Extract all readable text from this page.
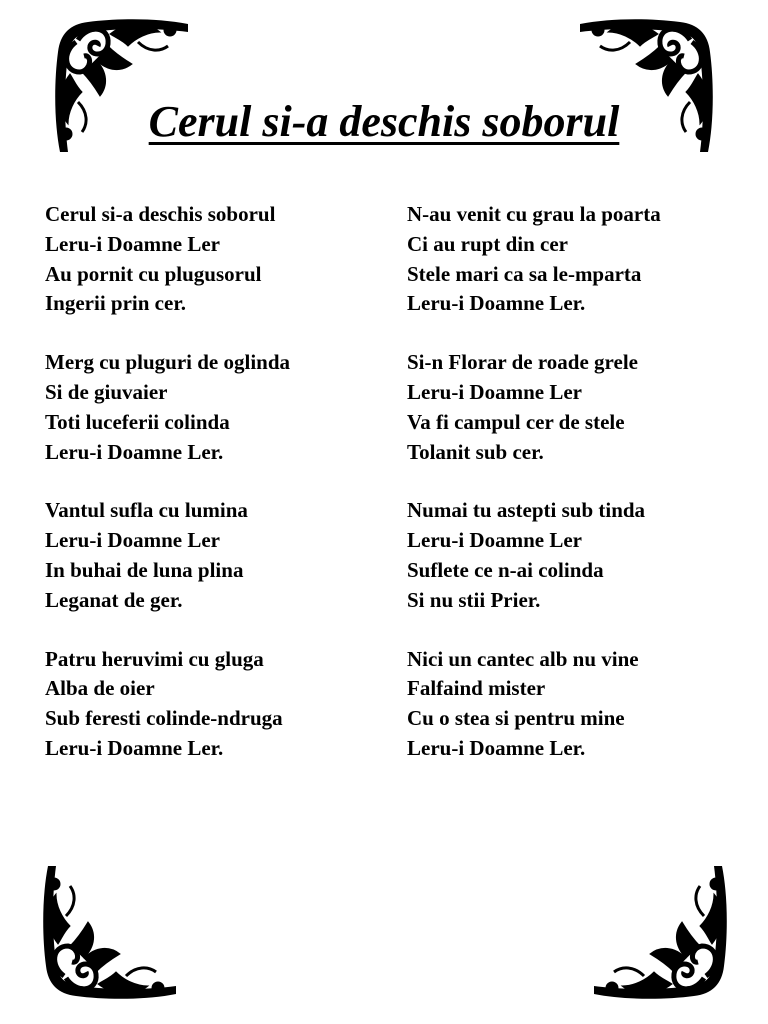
Cerul si-a deschis soborul
Cerul si-a deschis soborul
Leru-i Doamne Ler
Au pornit cu plugusorul
Ingerii prin cer.
Merg cu pluguri de oglinda
Si de giuvaier
Toti luceferii colinda
Leru-i Doamne Ler.
Vantul sufla cu lumina
Leru-i Doamne Ler
In buhai de luna plina
Leganat de ger.
Patru heruvimi cu gluga
Alba de oier
Sub feresti colinde-ndruga
Leru-i Doamne Ler.
N-au venit cu grau la poarta
Ci au rupt din cer
Stele mari ca sa le-mparta
Leru-i Doamne Ler.
Si-n Florar de roade grele
Leru-i Doamne Ler
Va fi campul cer de stele
Tolanit sub cer.
Numai tu astepti sub tinda
Leru-i Doamne Ler
Suflete ce n-ai colinda
Si nu stii Prier.
Nici un cantec alb nu vine
Falfaind mister
Cu o stea si pentru mine
Leru-i Doamne Ler.
